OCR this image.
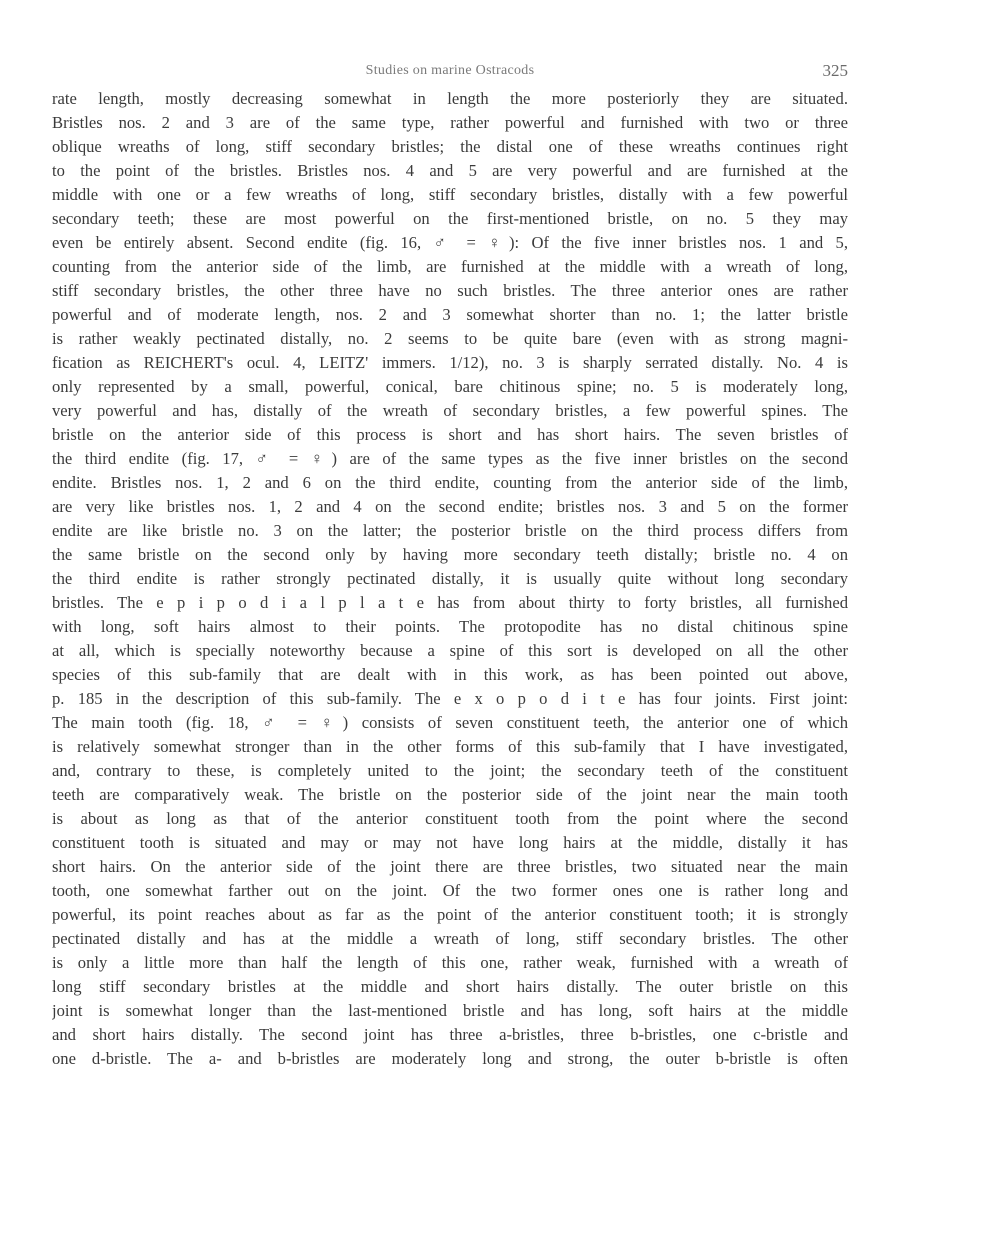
Studies on marine Ostracods	325
rate length, mostly decreasing somewhat in length the more posteriorly they are situated.
Bristles nos. 2 and 3 are of the same type, rather powerful and furnished with two or three
oblique wreaths of long, stiff secondary bristles; the distal one of these wreaths continues right
to the point of the bristles. Bristles nos. 4 and 5 are very powerful and are furnished at the
middle with one or a few wreaths of long, stiff secondary bristles, distally with a few powerful
secondary teeth; these are most powerful on the first-mentioned bristle, on no. 5 they may
even be entirely absent. Second endite (fig. 16, ♂ = ♀): Of the five inner bristles nos. 1 and 5,
counting from the anterior side of the limb, are furnished at the middle with a wreath of long,
stiff secondary bristles, the other three have no such bristles. The three anterior ones are rather
powerful and of moderate length, nos. 2 and 3 somewhat shorter than no. 1; the latter bristle
is rather weakly pectinated distally, no. 2 seems to be quite bare (even with as strong magni-
fication as REICHERT's ocul. 4, LEITZ' immers. 1/12), no. 3 is sharply serrated distally. No. 4 is
only represented by a small, powerful, conical, bare chitinous spine; no. 5 is moderately long,
very powerful and has, distally of the wreath of secondary bristles, a few powerful spines. The
bristle on the anterior side of this process is short and has short hairs. The seven bristles of
the third endite (fig. 17, ♂ = ♀) are of the same types as the five inner bristles on the second
endite. Bristles nos. 1, 2 and 6 on the third endite, counting from the anterior side of the limb,
are very like bristles nos. 1, 2 and 4 on the second endite; bristles nos. 3 and 5 on the former
endite are like bristle no. 3 on the latter; the posterior bristle on the third process differs from
the same bristle on the second only by having more secondary teeth distally; bristle no. 4 on
the third endite is rather strongly pectinated distally, it is usually quite without long secondary
bristles. The e p i p o d i a l p l a t e has from about thirty to forty bristles, all furnished
with long, soft hairs almost to their points. The protopodite has no distal chitinous spine
at all, which is specially noteworthy because a spine of this sort is developed on all the other
species of this sub-family that are dealt with in this work, as has been pointed out above,
p. 185 in the description of this sub-family. The e x o p o d i t e has four joints. First joint:
The main tooth (fig. 18, ♂ = ♀) consists of seven constituent teeth, the anterior one of which
is relatively somewhat stronger than in the other forms of this sub-family that I have investigated,
and, contrary to these, is completely united to the joint; the secondary teeth of the constituent
teeth are comparatively weak. The bristle on the posterior side of the joint near the main tooth
is about as long as that of the anterior constituent tooth from the point where the second
constituent tooth is situated and may or may not have long hairs at the middle, distally it has
short hairs. On the anterior side of the joint there are three bristles, two situated near the main
tooth, one somewhat farther out on the joint. Of the two former ones one is rather long and
powerful, its point reaches about as far as the point of the anterior constituent tooth; it is strongly
pectinated distally and has at the middle a wreath of long, stiff secondary bristles. The other
is only a little more than half the length of this one, rather weak, furnished with a wreath of
long stiff secondary bristles at the middle and short hairs distally. The outer bristle on this
joint is somewhat longer than the last-mentioned bristle and has long, soft hairs at the middle
and short hairs distally. The second joint has three a-bristles, three b-bristles, one c-bristle and
one d-bristle. The a- and b-bristles are moderately long and strong, the outer b-bristle is often
